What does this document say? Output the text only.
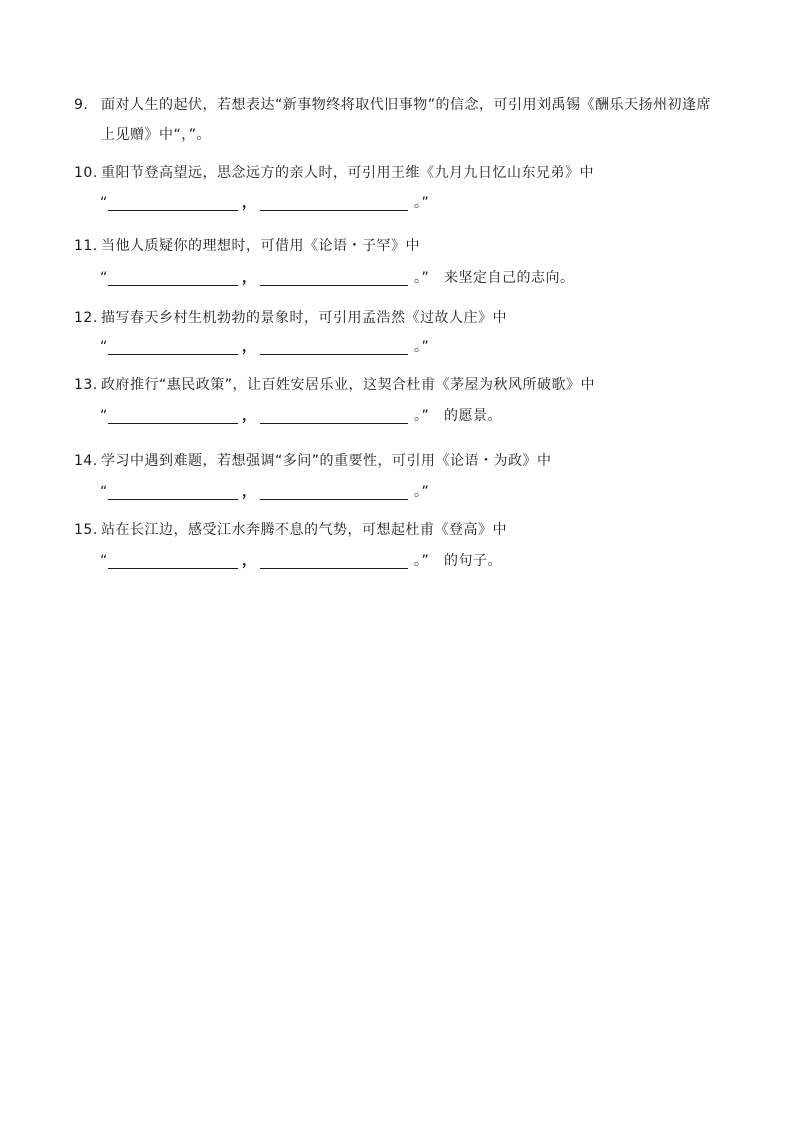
9. 面对人生的起伏，若想表达“新事物终将取代旧事物”的信念，可引用刘禹锡《酬乐天扬州初逢席
上见赠》中“，”。
10. 重阳节登高望远，思念远方的亲人时，可引用王维《九月九日忆山东兄弟》中
“	，	。”
11. 当他人质疑你的理想时，可借用《论语・子罕》中
“	，	。” 来坚定自己的志向。
12. 描写春天乡村生机勃勃的景象时，可引用孟浩然《过故人庄》中
“	，	。”
13. 政府推行“惠民政策”，让百姓安居乐业，这契合杜甫《茅屋为秋风所破歌》中
“	，	。” 的愿景。
14. 学习中遇到难题，若想强调“多问”的重要性，可引用《论语・为政》中
“	，	。”
15. 站在长江边，感受江水奔腾不息的气势，可想起杜甫《登高》中
“	，	。” 的句子。
